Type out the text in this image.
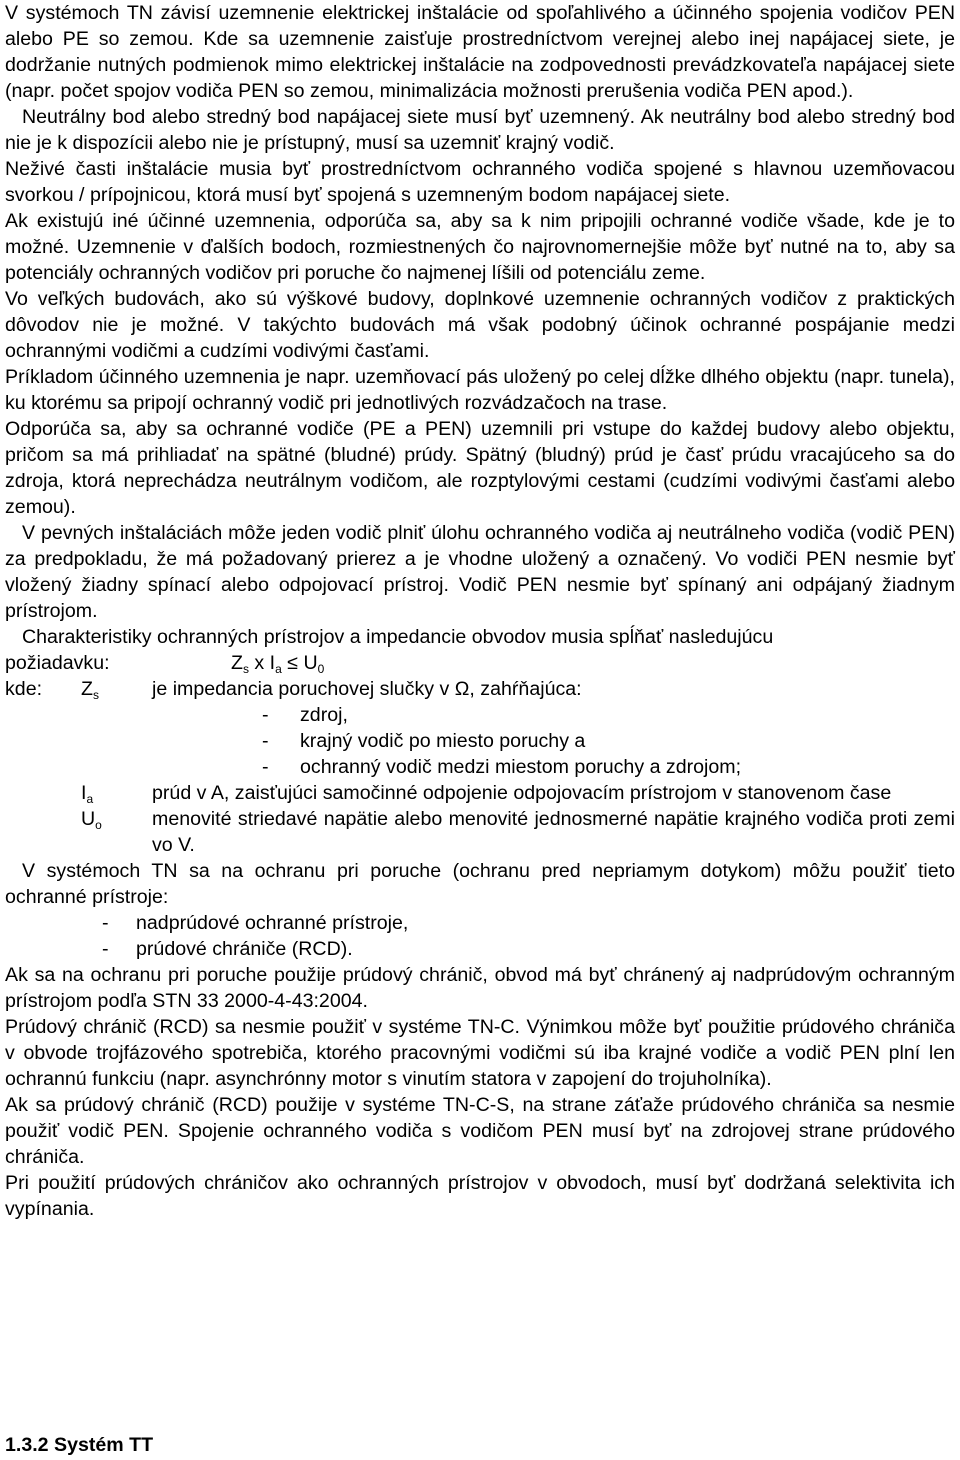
V systémoch TN závisí uzemnenie elektrickej inštalácie od spoľahlivého a účinného spojenia vodičov PEN alebo PE so zemou. Kde sa uzemnenie zaisťuje prostredníctvom verejnej alebo inej napájacej siete, je dodržanie nutných podmienok mimo elektrickej inštalácie na zodpovednosti prevádzkovateľa napájacej siete (napr. počet spojov vodiča PEN so zemou, minimalizácia možnosti prerušenia vodiča PEN apod.).

Neutrálny bod alebo stredný bod napájacej siete musí byť uzemnený. Ak neutrálny bod alebo stredný bod nie je k dispozícii alebo nie je prístupný, musí sa uzemniť krajný vodič.

Neživé časti inštalácie musia byť prostredníctvom ochranného vodiča spojené s hlavnou uzemňovacou svorkou / prípojnicou, ktorá musí byť spojená s uzemneným bodom napájacej siete.

Ak existujú iné účinné uzemnenia, odporúča sa, aby sa k nim pripojili ochranné vodiče všade, kde je to možné. Uzemnenie v ďalších bodoch, rozmiestnených čo najrovnomernejšie môže byť nutné na to, aby sa potenciály ochranných vodičov pri poruche čo najmenej líšili od potenciálu zeme.

Vo veľkých budovách, ako sú výškové budovy, doplnkové uzemnenie ochranných vodičov z praktických dôvodov nie je možné. V takýchto budovách má však podobný účinok ochranné pospájanie medzi ochrannými vodičmi a cudzími vodivými časťami.

Príkladom účinného uzemnenia je napr. uzemňovací pás uložený po celej dĺžke dlhého objektu (napr. tunela), ku ktorému sa pripojí ochranný vodič pri jednotlivých rozvádzačoch na trase.

Odporúča sa, aby sa ochranné vodiče (PE a PEN) uzemnili pri vstupe do každej budovy alebo objektu, pričom sa má prihliadať na spätné (bludné) prúdy. Spätný (bludný) prúd je časť prúdu vracajúceho sa do zdroja, ktorá neprechádza neutrálnym vodičom, ale rozptylovými cestami (cudzími vodivými časťami alebo zemou).

V pevných inštaláciách môže jeden vodič plniť úlohu ochranného vodiča aj neutrálneho vodiča (vodič PEN) za predpokladu, že má požadovaný prierez a je vhodne uložený a označený. Vo vodiči PEN nesmie byť vložený žiadny spínací alebo odpojovací prístroj. Vodič PEN nesmie byť spínaný ani odpájaný žiadnym prístrojom.

Charakteristiky ochranných prístrojov a impedancie obvodov musia spĺňať nasledujúcu

požiadavku:	$Z_s$ x $I_a \le U_0$
kde: $Z_s$	je impedancia poruchovej slučky v Ω, zahŕňajúca:
- zdroj,
- krajný vodič po miesto poruchy a
- ochranný vodič medzi miestom poruchy a zdrojom;
$I_a$	prúd v A, zaisťujúci samočinné odpojenie odpojovacím prístrojom v stanovenom čase
$U_o$	menovité striedavé napätie alebo menovité jednosmerné napätie krajného vodiča proti zemi vo V.

V systémoch TN sa na ochranu pri poruche (ochranu pred nepriamym dotykom) môžu použiť tieto ochranné prístroje:

- nadprúdové ochranné prístroje,
- prúdové chrániče (RCD).

Ak sa na ochranu pri poruche použije prúdový chránič, obvod má byť chránený aj nadprúdovým ochranným prístrojom podľa STN 33 2000-4-43:2004.

Prúdový chránič (RCD) sa nesmie použiť v systéme TN-C. Výnimkou môže byť použitie prúdového chrániča v obvode trojfázového spotrebiča, ktorého pracovnými vodičmi sú iba krajné vodiče a vodič PEN plní len ochrannú funkciu (napr. asynchrónny motor s vinutím statora v zapojení do trojuholníka).

Ak sa prúdový chránič (RCD) použije v systéme TN-C-S, na strane záťaže prúdového chrániča sa nesmie použiť vodič PEN. Spojenie ochranného vodiča s vodičom PEN musí byť na zdrojovej strane prúdového chrániča.

Pri použití prúdových chráničov ako ochranných prístrojov v obvodoch, musí byť dodržaná selektivita ich vypínania.

1.3.2 Systém TT
